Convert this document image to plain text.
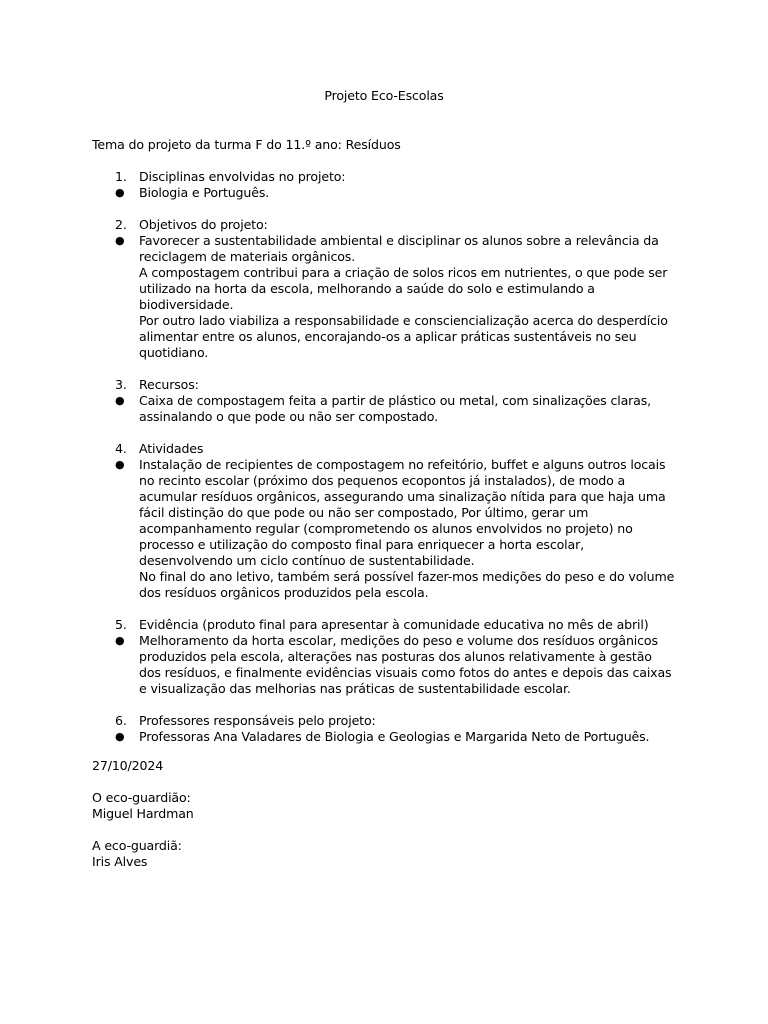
Projeto Eco-Escolas
Tema do projeto da turma F do 11.º ano: Resíduos
1. Disciplinas envolvidas no projeto:
● Biologia e Português.
2. Objetivos do projeto:
● Favorecer a sustentabilidade ambiental e disciplinar os alunos sobre a relevância da reciclagem de materiais orgânicos.
A compostagem contribui para a criação de solos ricos em nutrientes, o que pode ser utilizado na horta da escola, melhorando a saúde do solo e estimulando a biodiversidade.
Por outro lado viabiliza a responsabilidade e consciencialização acerca do desperdício alimentar entre os alunos, encorajando-os a aplicar práticas sustentáveis no seu quotidiano.
3. Recursos:
● Caixa de compostagem feita a partir de plástico ou metal, com sinalizações claras, assinalando o que pode ou não ser compostado.
4. Atividades
● Instalação de recipientes de compostagem no refeitório, buffet e alguns outros locais no recinto escolar (próximo dos pequenos ecopontos já instalados), de modo a acumular resíduos orgânicos, assegurando uma sinalização nítida para que haja uma fácil distinção do que pode ou não ser compostado, Por último, gerar um acompanhamento regular (comprometendo os alunos envolvidos no projeto) no processo e utilização do composto final para enriquecer a horta escolar, desenvolvendo um ciclo contínuo de sustentabilidade.
No final do ano letivo, também será possível fazer-mos medições do peso e do volume dos resíduos orgânicos produzidos pela escola.
5. Evidência (produto final para apresentar à comunidade educativa no mês de abril)
● Melhoramento da horta escolar, medições do peso e volume dos resíduos orgânicos produzidos pela escola, alterações nas posturas dos alunos relativamente à gestão dos resíduos, e finalmente evidências visuais como fotos do antes e depois das caixas e visualização das melhorias nas práticas de sustentabilidade escolar.
6. Professores responsáveis pelo projeto:
● Professoras Ana Valadares de Biologia e Geologias e Margarida Neto de Português.
27/10/2024
O eco-guardião:
Miguel Hardman
A eco-guardiã:
Iris Alves
